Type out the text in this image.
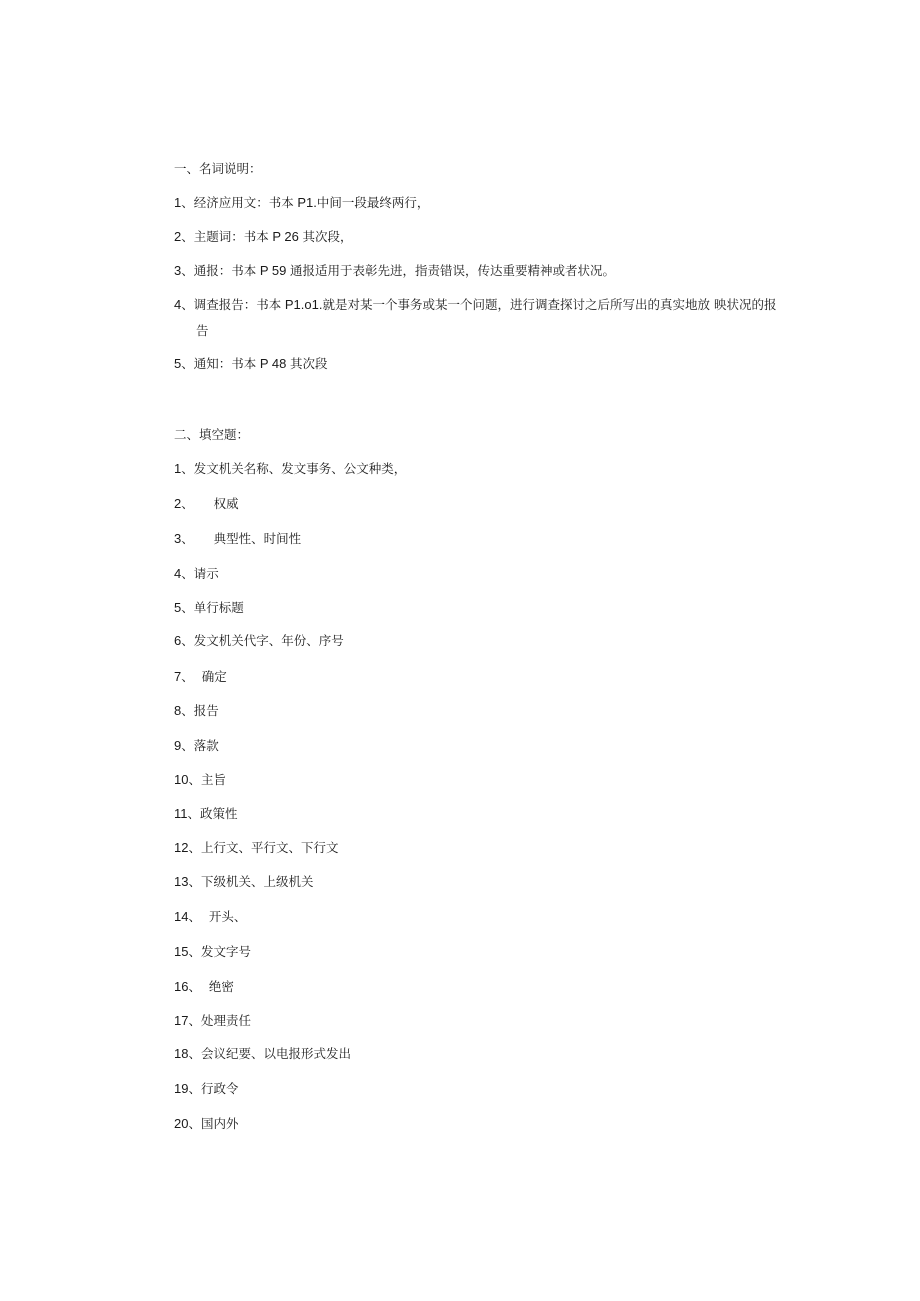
一、名词说明：
1、经济应用文：书本 P1.中间一段最终两行，
2、主题词：书本 P 26 其次段，
3、通报：书本 P 59 通报适用于表彰先进，指责错误，传达重要精神或者状况。
4、调查报告：书本 P1.o1.就是对某一个事务或某一个问题，进行调查探讨之后所写出的真实地放 映状况的报
告
5、通知：书本 P 48 其次段
二、填空题：
1、发文机关名称、发文事务、公文种类，
2、     权威
3、     典型性、时间性
4、请示
5、单行标题
6、发文机关代字、年份、序号
7、  确定
8、报告
9、落款
10、主旨
11、政策性
12、上行文、平行文、下行文
13、下级机关、上级机关
14、  开头、
15、发文字号
16、  绝密
17、处理责任
18、会议纪要、以电报形式发出
19、行政令
20、国内外
